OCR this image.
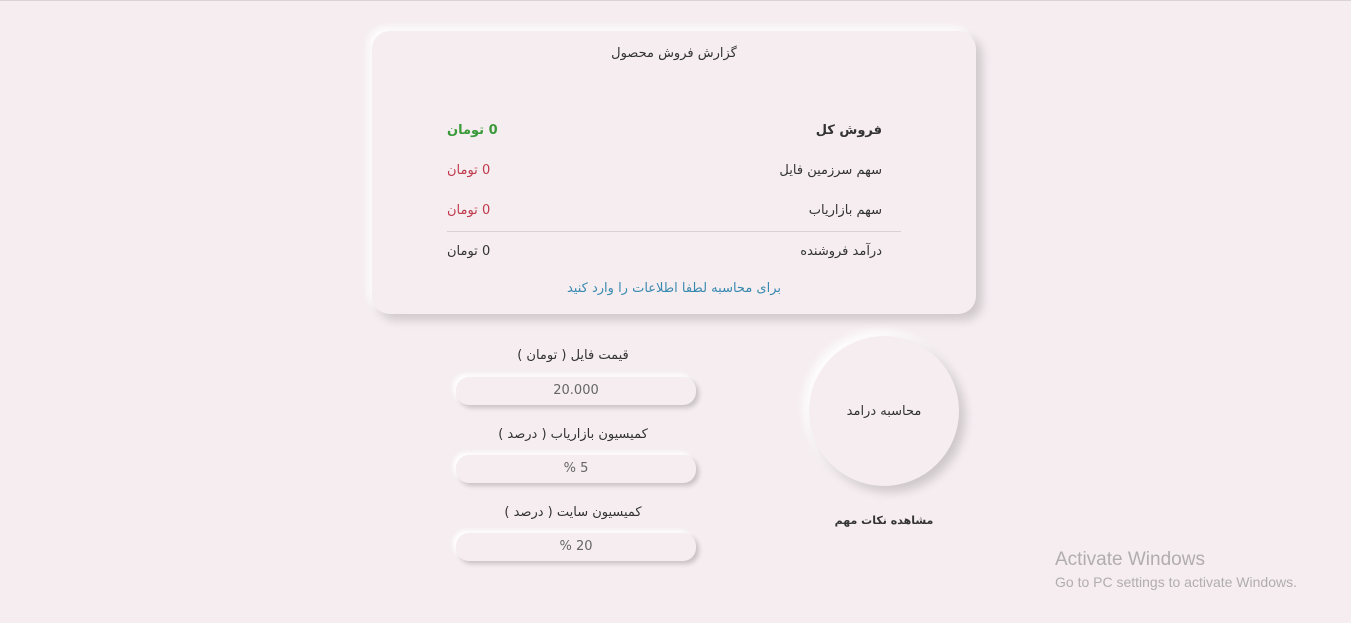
گزارش فروش محصول
فروش کل
0 تومان
سهم سرزمین فایل
0 تومان
سهم بازاریاب
0 تومان
درآمد فروشنده
0 تومان
برای محاسبه لطفا اطلاعات را وارد کنید
قیمت فایل ( تومان )
20.000
کمیسیون بازاریاب ( درصد )
5 %
کمیسیون سایت ( درصد )
20 %
محاسبه درامد
مشاهده نکات مهم
Activate Windows
Go to PC settings to activate Windows.
